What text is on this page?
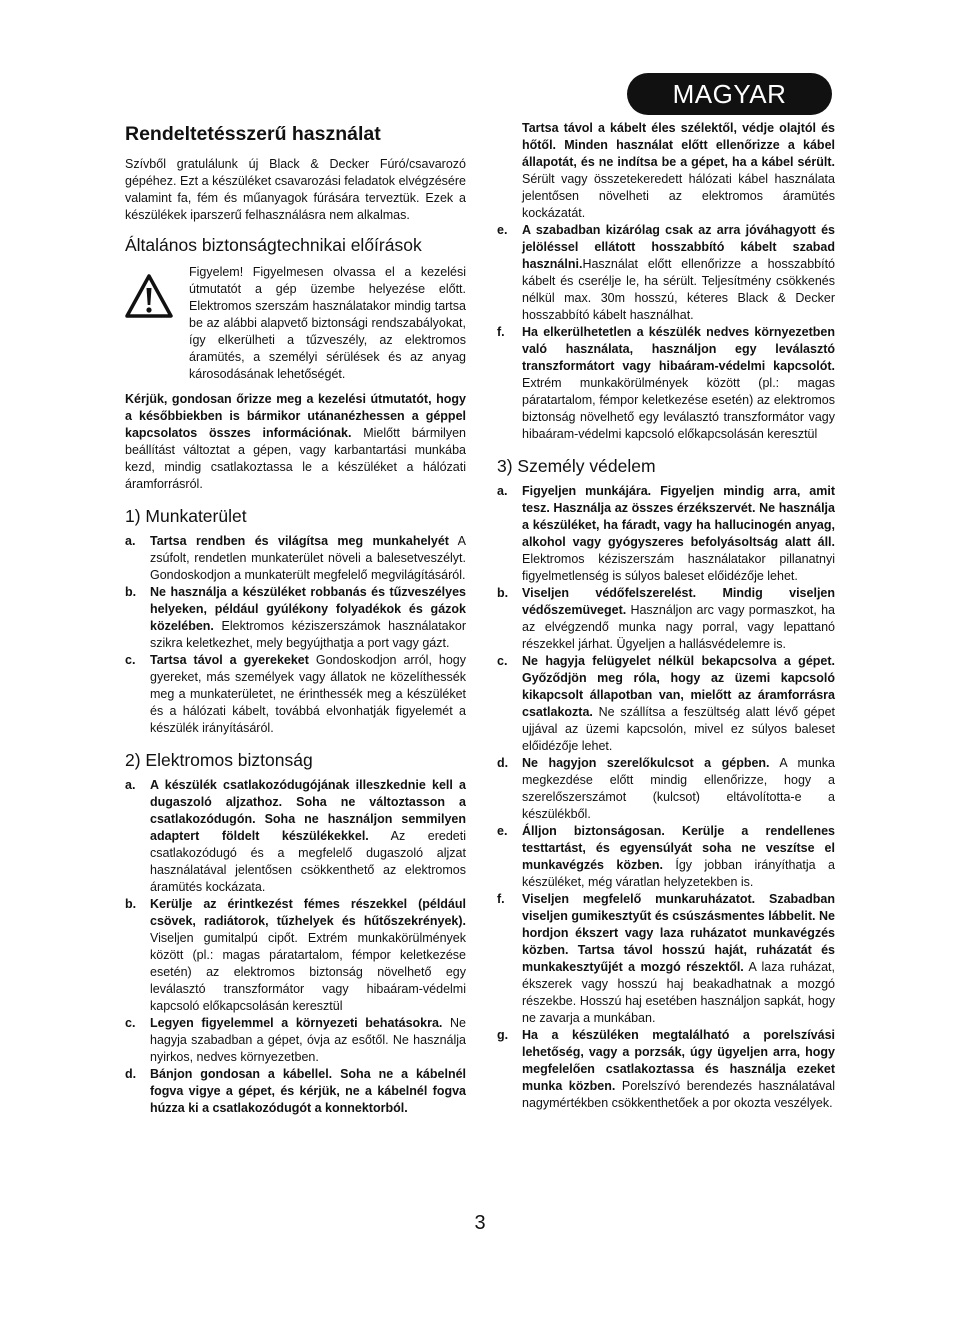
MAGYAR
Rendeltetésszerű használat

Szívből gratulálunk új Black & Decker Fúró/csavarozó gépéhez. Ezt a készüléket csavarozási feladatok elvégzésére valamint fa, fém és műanyagok fúrására terveztük. Ezek a készülékek iparszerű felhasználásra nem alkalmas.

Általános biztonságtechnikai előírások

Figyelem! Figyelmesen olvassa el a kezelési útmutatót a gép üzembe helyezése előtt. Elektromos szerszám használatakor mindig tartsa be az alábbi alapvető biztonsági rendszabályokat, így elkerülheti a tűzveszély, az elektromos áramütés, a személyi sérülések és az anyag károsodásának lehetőségét.

Kérjük, gondosan őrizze meg a kezelési útmutatót, hogy a későbbiekben is bármikor utánanézhessen a géppel kapcsolatos összes információnak. Mielőtt bármilyen beállítást változtat a gépen, vagy karbantartási munkába kezd, mindig csatlakoztassa le a készüléket a hálózati áramforrásról.

1) Munkaterület
a.	Tartsa rendben és világítsa meg munkahelyét A zsúfolt, rendetlen munkaterület növeli a balesetveszélyt. Gondoskodjon a munkaterült megfelelő megvilágításáról.

b.	Ne használja a készüléket robbanás és tűzveszélyes helyeken, például gyúlékony folyadékok és gázok közelében. Elektromos kéziszerszámok használatakor szikra keletkezhet, mely begyújthatja a port vagy gázt.

c.	Tartsa távol a gyerekeket Gondoskodjon arról, hogy gyereket, más személyek vagy állatok ne közelíthessék meg a munkaterületet, ne érinthessék meg a készüléket és a hálózati kábelt, továbbá elvonhatják figyelemét a készülék irányításáról.

2) Elektromos biztonság
a.	A készülék csatlakozódugójának illeszkednie kell a dugaszoló aljzathoz. Soha ne változtasson a csatlakozódugón. Soha ne használjon semmilyen adaptert földelt készülékekkel. Az eredeti csatlakozódugó és a megfelelő dugaszoló aljzat használatával jelentősen csökkenthető az elektromos áramütés kockázata.

b.	Kerülje az érintkezést fémes részekkel (például csövek, radiátorok, tűzhelyek és hűtőszekrények). Viseljen gumitalpú cipőt. Extrém munkakörülmények között (pl.: magas páratartalom, fémpor keletkezése esetén) az elektromos biztonság növelhető egy leválasztó transzformátor vagy hibaáram-védelmi kapcsoló előkapcsolásán keresztül

c.	Legyen figyelemmel a környezeti behatásokra. Ne hagyja szabadban a gépet, óvja az esőtől. Ne használja nyirkos, nedves környezetben.

d.	Bánjon gondosan a kábellel. Soha ne a kábelnél fogva vigye a gépet, és kérjük, ne a kábelnél fogva húzza ki a csatlakozódugót a konnektorból.

Tartsa távol a kábelt éles szélektől, védje olajtól és hőtől. Minden használat előtt ellenőrizze a kábel állapotát, és ne indítsa be a gépet, ha a kábel sérült. Sérült vagy összetekeredett hálózati kábel használata jelentősen növelheti az elektromos áramütés kockázatát.

e.	A szabadban kizárólag csak az arra jóváhagyott és jelöléssel ellátott hosszabbító kábelt szabad használni.Használat előtt ellenőrizze a hosszabbító kábelt és cserélje le, ha sérült. Teljesítmény csökkenés nélkül max. 30m hosszú, kéteres Black & Decker hosszabbító kábelt használhat.

f.	Ha elkerülhetetlen a készülék nedves környezetben való használata, használjon egy leválasztó transzformátort vagy hibaáram-védelmi kapcsolót. Extrém munkakörülmények között (pl.: magas páratartalom, fémpor keletkezése esetén) az elektromos biztonság növelhető egy leválasztó transzformátor vagy hibaáram-védelmi kapcsoló előkapcsolásán keresztül

3) Személy védelem
a.	Figyeljen munkájára. Figyeljen mindig arra, amit tesz. Használja az összes érzékszervét. Ne használja a készüléket, ha fáradt, vagy ha hallucinogén anyag, alkohol vagy gyógyszeres befolyásoltság alatt áll. Elektromos kéziszerszám használatakor pillanatnyi figyelmetlenség is súlyos baleset előidézője lehet.

b.	Viseljen védőfelszerelést. Mindig viseljen védőszemüveget. Használjon arc vagy pormaszkot, ha az elvégzendő munka nagy porral, vagy lepattanó részekkel járhat. Ügyeljen a hallásvédelemre is.

c.	Ne hagyja felügyelet nélkül bekapcsolva a gépet. Győződjön meg róla, hogy az üzemi kapcsoló kikapcsolt állapotban van, mielőtt az áramforrásra csatlakozta. Ne szállítsa a feszültség alatt lévő gépet ujjával az üzemi kapcsolón, mivel ez súlyos baleset előidézője lehet.

d.	Ne hagyjon szerelőkulcsot a gépben. A munka megkezdése előtt mindig ellenőrizze, hogy a szerelőszerszámot (kulcsot) eltávolította-e a készülékből.

e.	Álljon biztonságosan. Kerülje a rendellenes testtartást, és egyensúlyát soha ne veszítse el munkavégzés közben. Így jobban irányíthatja a készüléket, még váratlan helyzetekben is.

f.	Viseljen megfelelő munkaruházatot. Szabadban viseljen gumikesztyűt és csúszásmentes lábbelit. Ne hordjon ékszert vagy laza ruházatot munkavégzés közben. Tartsa távol hosszú haját, ruházatát és munkakesztyűjét a mozgó részektől. A laza ruházat, ékszerek vagy hosszú haj beakadhatnak a mozgó részekbe. Hosszú haj esetében használjon sapkát, hogy ne zavarja a munkában.

g.	Ha a készüléken megtalálható a porelszívási lehetőség, vagy a porzsák, úgy ügyeljen arra, hogy megfelelően csatlakoztassa és használja ezeket munka közben. Porelszívó berendezés használatával nagymértékben csökkenthetőek a por okozta veszélyek.

3
